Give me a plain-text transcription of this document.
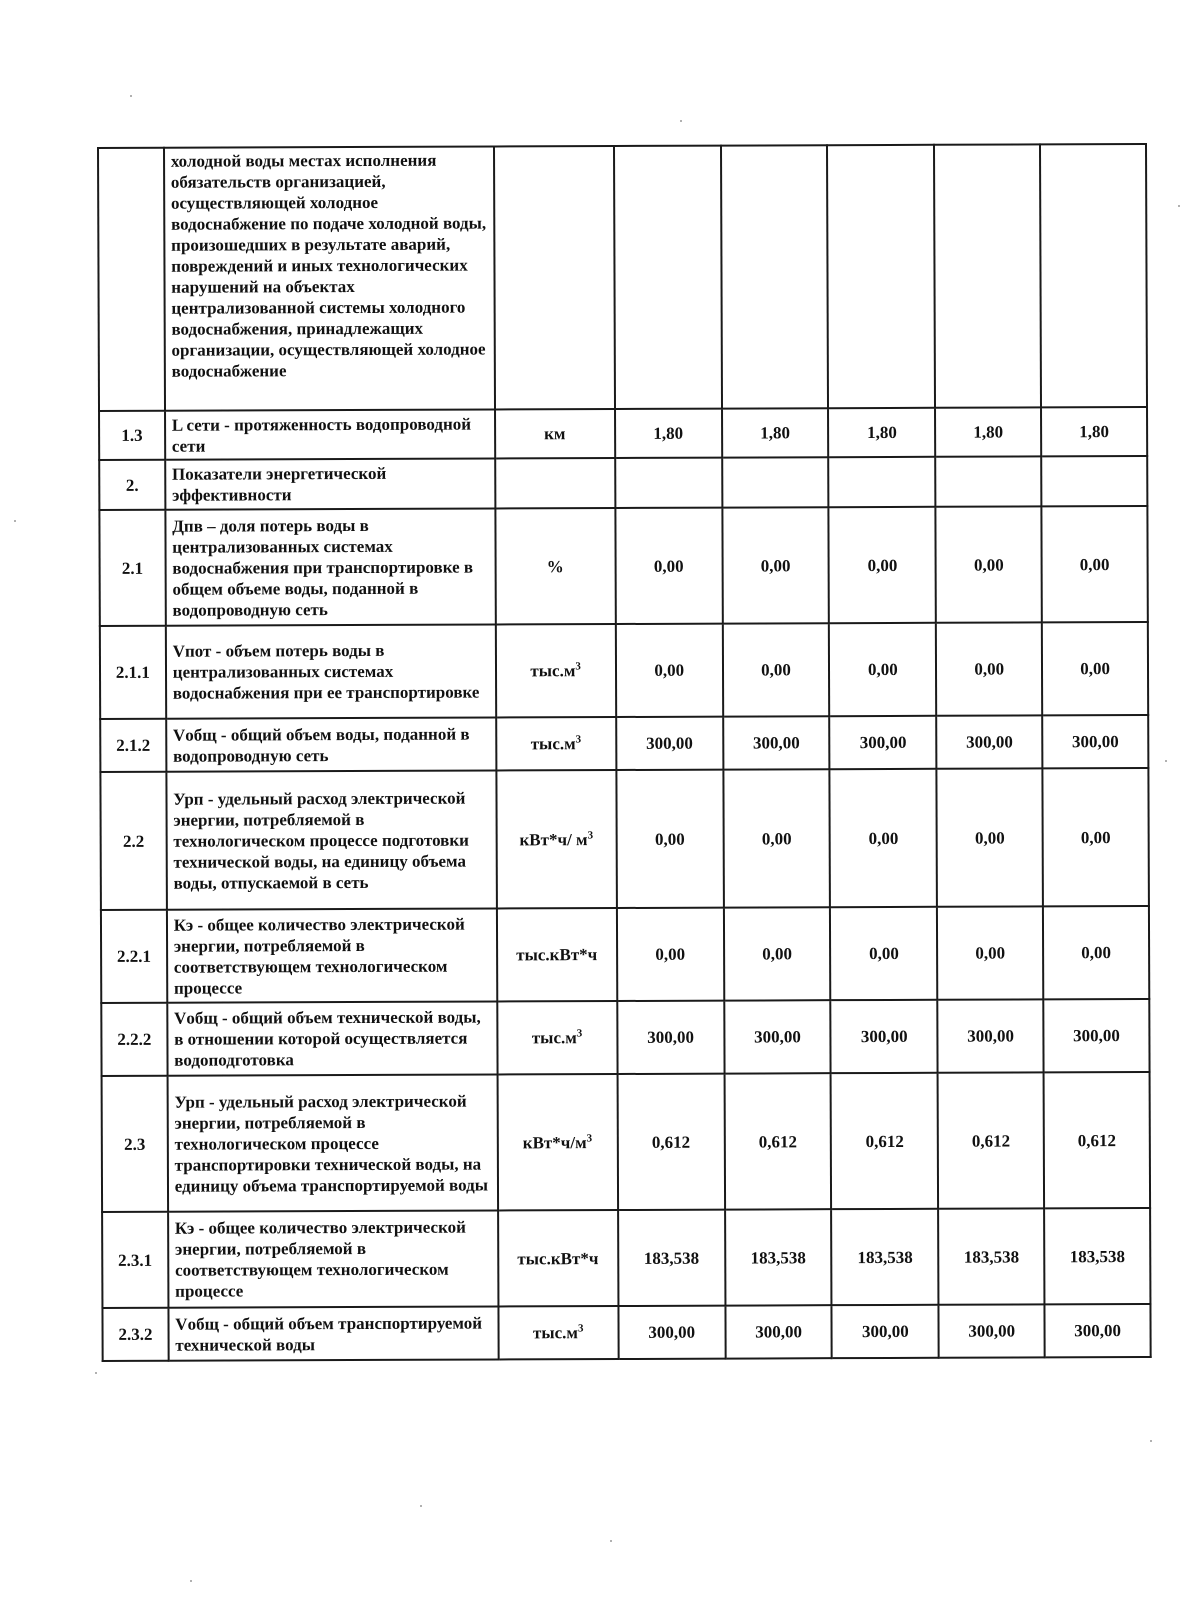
	холодной воды местах исполнения обязательств организацией, осуществляющей холодное водоснабжение по подаче холодной воды, произошедших в результате аварий, повреждений и иных технологических нарушений на объектах централизованной системы холодного водоснабжения, принадлежащих организации, осуществляющей холодное водоснабжение						
1.3	L сети - протяженность водопроводной сети	км	1,80	1,80	1,80	1,80	1,80
2.	Показатели энергетической эффективности						
2.1	Дпв – доля потерь воды в централизованных системах водоснабжения при транспортировке в общем объеме воды, поданной в водопроводную сеть	%	0,00	0,00	0,00	0,00	0,00
2.1.1	Vпот - объем потерь воды в централизованных системах водоснабжения при ее транспортировке	$тыс.м^3$	0,00	0,00	0,00	0,00	0,00
2.1.2	Vобщ - общий объем воды, поданной в водопроводную сеть	$тыс.м^3$	300,00	300,00	300,00	300,00	300,00
2.2	Урп - удельный расход электрической энергии, потребляемой в технологическом процессе подготовки технической воды, на единицу объема воды, отпускаемой в сеть	кВт*ч/ $м^3$	0,00	0,00	0,00	0,00	0,00
2.2.1	Кэ - общее количество электрической энергии, потребляемой в соответствующем технологическом процессе	тыс.кВт*ч	0,00	0,00	0,00	0,00	0,00
2.2.2	Vобщ - общий объем технической воды, в отношении которой осуществляется водоподготовка	$тыс.м^3$	300,00	300,00	300,00	300,00	300,00
2.3	Урп - удельный расход электрической энергии, потребляемой в технологическом процессе транспортировки технической воды, на единицу объема транспортируемой воды	$кВт*ч/м^3$	0,612	0,612	0,612	0,612	0,612
2.3.1	Кэ - общее количество электрической энергии, потребляемой в соответствующем технологическом процессе	тыс.кВт*ч	183,538	183,538	183,538	183,538	183,538
2.3.2	Vобщ - общий объем транспортируемой технической воды	$тыс.м^3$	300,00	300,00	300,00	300,00	300,00
